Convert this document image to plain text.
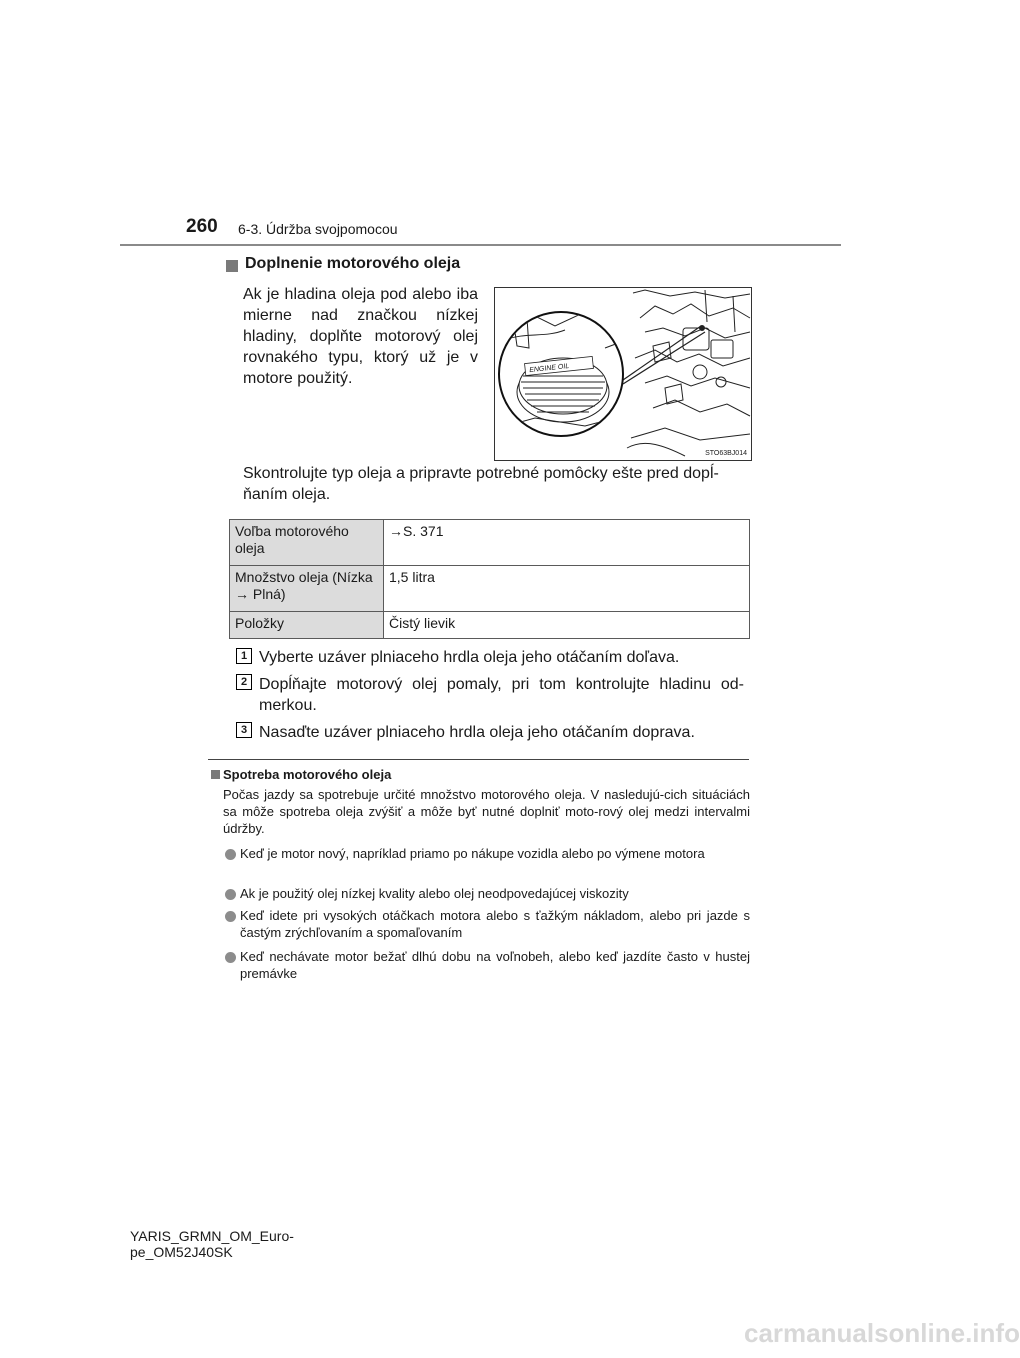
260 6-3. Údržba svojpomocou
Doplnenie motorového oleja
Ak je hladina oleja pod alebo iba mierne nad značkou nízkej hladiny, doplňte motorový olej rovnakého typu, ktorý už je v motore použitý.
ENGINE OIL
STO63BJ014
Skontrolujte typ oleja a pripravte potrebné pomôcky ešte pred dopĺ-ňaním oleja.
Voľba motorového oleja	→S. 371
Množstvo oleja (Nízka → Plná)	1,5 litra
Položky	Čistý lievik
1 Vyberte uzáver plniaceho hrdla oleja jeho otáčaním doľava.
2 Dopĺňajte motorový olej pomaly, pri tom kontrolujte hladinu od-merkou.
3 Nasaďte uzáver plniaceho hrdla oleja jeho otáčaním doprava.
Spotreba motorového oleja
Počas jazdy sa spotrebuje určité množstvo motorového oleja. V nasledujú-cich situáciách sa môže spotreba oleja zvýšiť a môže byť nutné doplniť moto-rový olej medzi intervalmi údržby.
Keď je motor nový, napríklad priamo po nákupe vozidla alebo po výmene motora
Ak je použitý olej nízkej kvality alebo olej neodpovedajúcej viskozity
Keď idete pri vysokých otáčkach motora alebo s ťažkým nákladom, alebo pri jazde s častým zrýchľovaním a spomaľovaním
Keď nechávate motor bežať dlhú dobu na voľnobeh, alebo keď jazdíte často v hustej premávke
YARIS_GRMN_OM_Euro-
pe_OM52J40SK
carmanualsonline.info
